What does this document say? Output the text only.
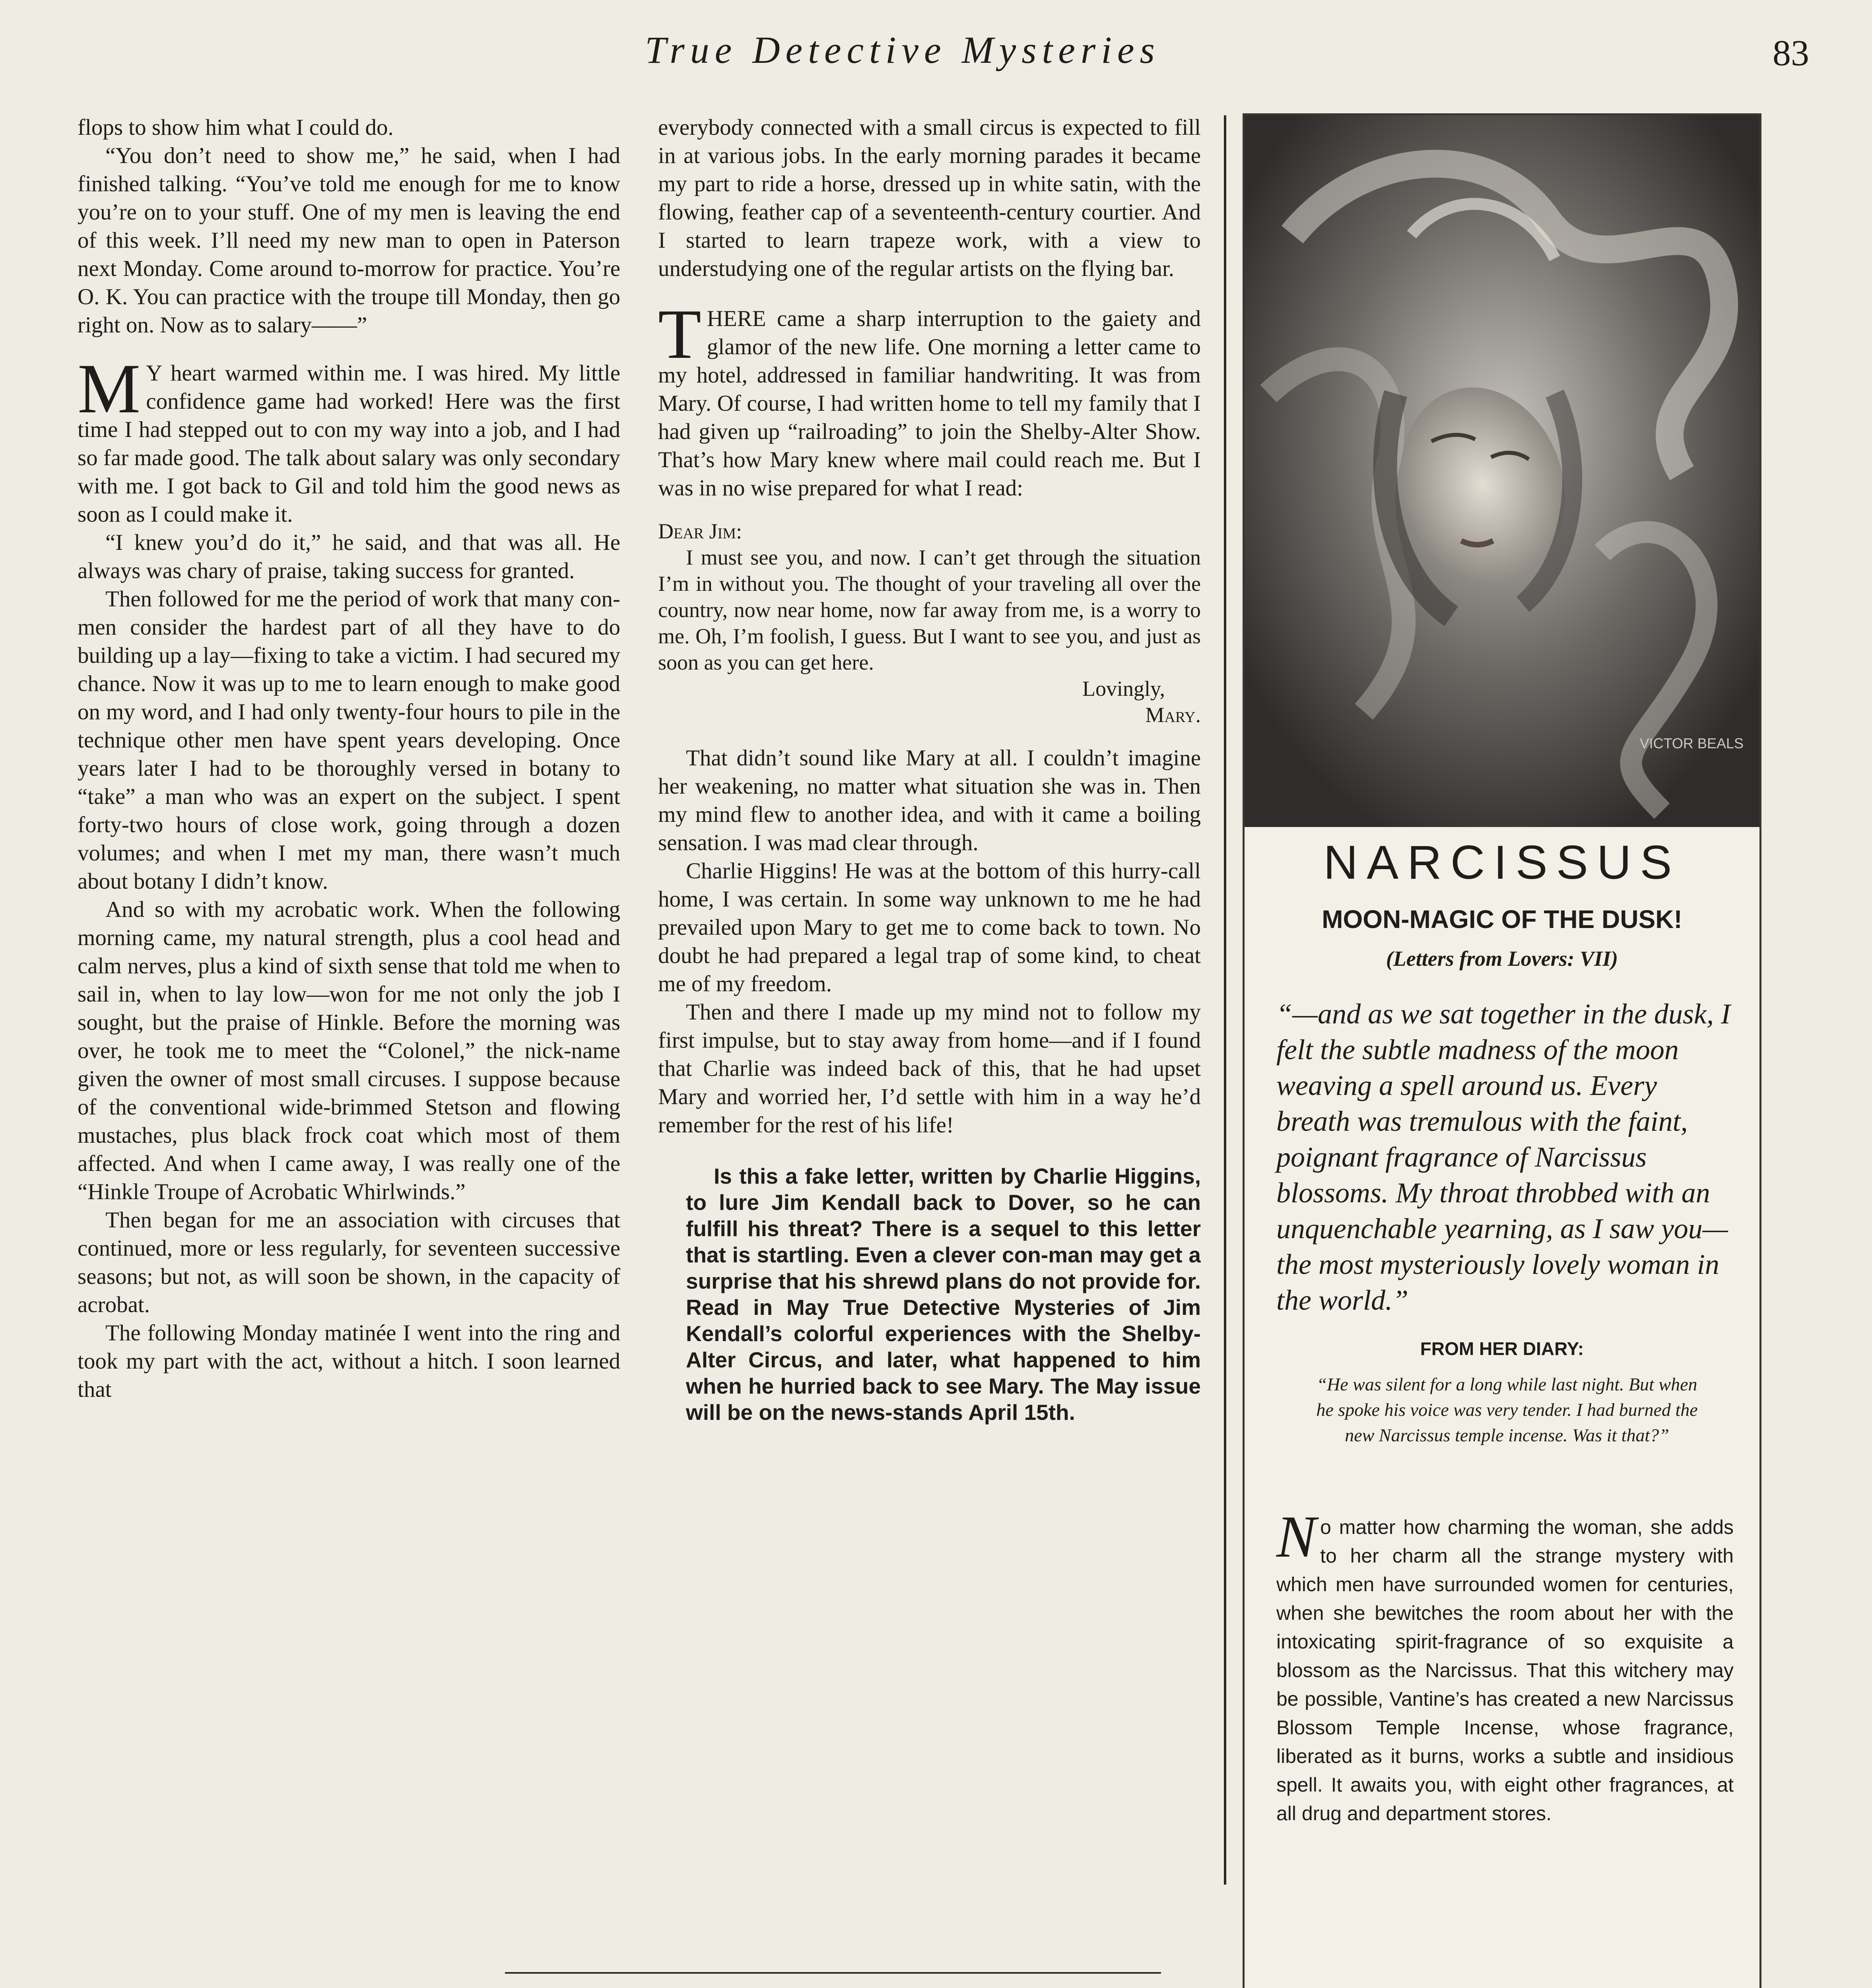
True Detective Mysteries	83

flops to show him what I could do.

“You don’t need to show me,” he said, when I had finished talking. “You’ve told me enough for me to know you’re on to your stuff. One of my men is leaving the end of this week. I’ll need my new man to open in Paterson next Monday. Come around to-morrow for practice. You’re O. K. You can practice with the troupe till Monday, then go right on. Now as to salary——”

MY heart warmed within me. I was hired. My little confidence game had worked! Here was the first time I had stepped out to con my way into a job, and I had so far made good. The talk about salary was only secondary with me. I got back to Gil and told him the good news as soon as I could make it.

“I knew you’d do it,” he said, and that was all. He always was chary of praise, taking success for granted.

Then followed for me the period of work that many con-men consider the hardest part of all they have to do building up a lay—fixing to take a victim. I had secured my chance. Now it was up to me to learn enough to make good on my word, and I had only twenty-four hours to pile in the technique other men have spent years developing. Once years later I had to be thoroughly versed in botany to “take” a man who was an expert on the subject. I spent forty-two hours of close work, going through a dozen volumes; and when I met my man, there wasn’t much about botany I didn’t know.

And so with my acrobatic work. When the following morning came, my natural strength, plus a cool head and calm nerves, plus a kind of sixth sense that told me when to sail in, when to lay low—won for me not only the job I sought, but the praise of Hinkle. Before the morning was over, he took me to meet the “Colonel,” the nick-name given the owner of most small circuses. I suppose because of the conventional wide-brimmed Stetson and flowing mustaches, plus black frock coat which most of them affected. And when I came away, I was really one of the “Hinkle Troupe of Acrobatic Whirlwinds.”

Then began for me an association with circuses that continued, more or less regularly, for seventeen successive seasons; but not, as will soon be shown, in the capacity of acrobat.

The following Monday matinée I went into the ring and took my part with the act, without a hitch. I soon learned that

everybody connected with a small circus is expected to fill in at various jobs. In the early morning parades it became my part to ride a horse, dressed up in white satin, with the flowing, feather cap of a seventeenth-century courtier. And I started to learn trapeze work, with a view to understudying one of the regular artists on the flying bar.

THERE came a sharp interruption to the gaiety and glamor of the new life. One morning a letter came to my hotel, addressed in familiar handwriting. It was from Mary. Of course, I had written home to tell my family that I had given up “railroading” to join the Shelby-Alter Show. That’s how Mary knew where mail could reach me. But I was in no wise prepared for what I read:

Dear Jim:

I must see you, and now. I can’t get through the situation I’m in without you. The thought of your traveling all over the country, now near home, now far away from me, is a worry to me. Oh, I’m foolish, I guess. But I want to see you, and just as soon as you can get here.

Lovingly,

Mary.

That didn’t sound like Mary at all. I couldn’t imagine her weakening, no matter what situation she was in. Then my mind flew to another idea, and with it came a boiling sensation. I was mad clear through.

Charlie Higgins! He was at the bottom of this hurry-call home, I was certain. In some way unknown to me he had prevailed upon Mary to get me to come back to town. No doubt he had prepared a legal trap of some kind, to cheat me of my freedom.

Then and there I made up my mind not to follow my first impulse, but to stay away from home—and if I found that Charlie was indeed back of this, that he had upset Mary and worried her, I’d settle with him in a way he’d remember for the rest of his life!

Is this a fake letter, written by Charlie Higgins, to lure Jim Kendall back to Dover, so he can fulfill his threat? There is a sequel to this letter that is startling. Even a clever con-man may get a surprise that his shrewd plans do not provide for. Read in May True Detective Mysteries of Jim Kendall’s colorful experiences with the Shelby-Alter Circus, and later, what happened to him when he hurried back to see Mary. The May issue will be on the news-stands April 15th.

VICTOR BEALS
NARCISSUS
MOON-MAGIC OF THE DUSK!
(Letters from Lovers: VII)
“—and as we sat together in the dusk, I felt the subtle madness of the moon weaving a spell around us. Every breath was tremulous with the faint, poignant fragrance of Narcissus blossoms. My throat throbbed with an unquenchable yearning, as I saw you—the most mysteriously lovely woman in the world.”
FROM HER DIARY:
“He was silent for a long while last night. But when he spoke his voice was very tender. I had burned the new Narcissus temple incense. Was it that?”
No matter how charming the woman, she adds to her charm all the strange mystery with which men have surrounded women for centuries, when she bewitches the room about her with the intoxicating spirit-fragrance of so exquisite a blossom as the Narcissus. That this witchery may be possible, Vantine’s has created a new Narcissus Blossom Temple Incense, whose fragrance, liberated as it burns, works a subtle and insidious spell. It awaits you, with eight other fragrances, at all drug and department stores.
